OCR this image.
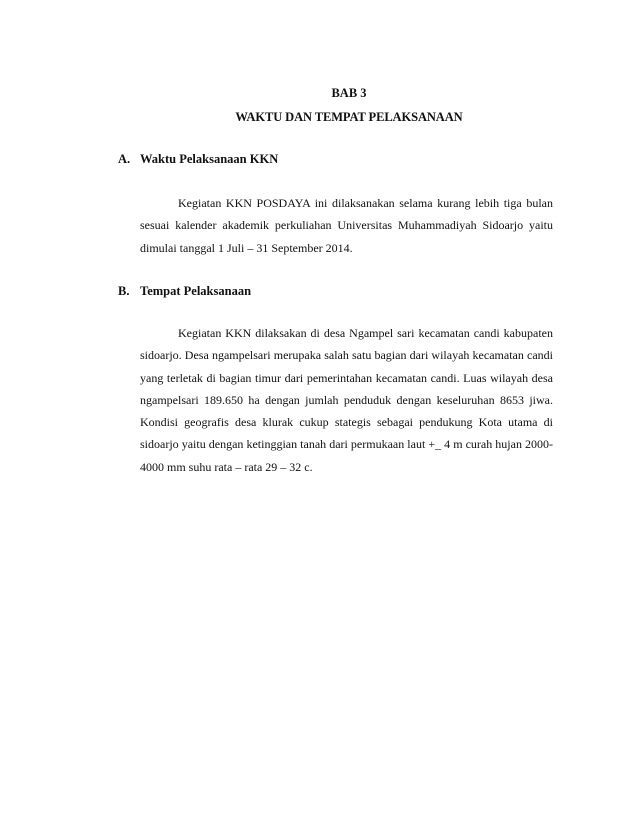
BAB 3
WAKTU DAN TEMPAT PELAKSANAAN
A. Waktu Pelaksanaan KKN
Kegiatan KKN POSDAYA ini dilaksanakan selama kurang lebih tiga bulan sesuai kalender akademik perkuliahan Universitas Muhammadiyah Sidoarjo yaitu dimulai tanggal 1 Juli – 31 September 2014.
B. Tempat Pelaksanaan
Kegiatan KKN dilaksakan di desa Ngampel sari kecamatan candi kabupaten sidoarjo. Desa ngampelsari merupaka salah satu bagian dari wilayah kecamatan candi yang terletak di bagian timur dari pemerintahan kecamatan candi. Luas wilayah desa ngampelsari 189.650 ha dengan jumlah penduduk dengan keseluruhan 8653 jiwa. Kondisi geografis desa klurak cukup stategis sebagai pendukung Kota utama di sidoarjo yaitu dengan ketinggian tanah dari permukaan laut +_ 4 m curah hujan 2000-4000 mm suhu rata – rata 29 – 32 c.
